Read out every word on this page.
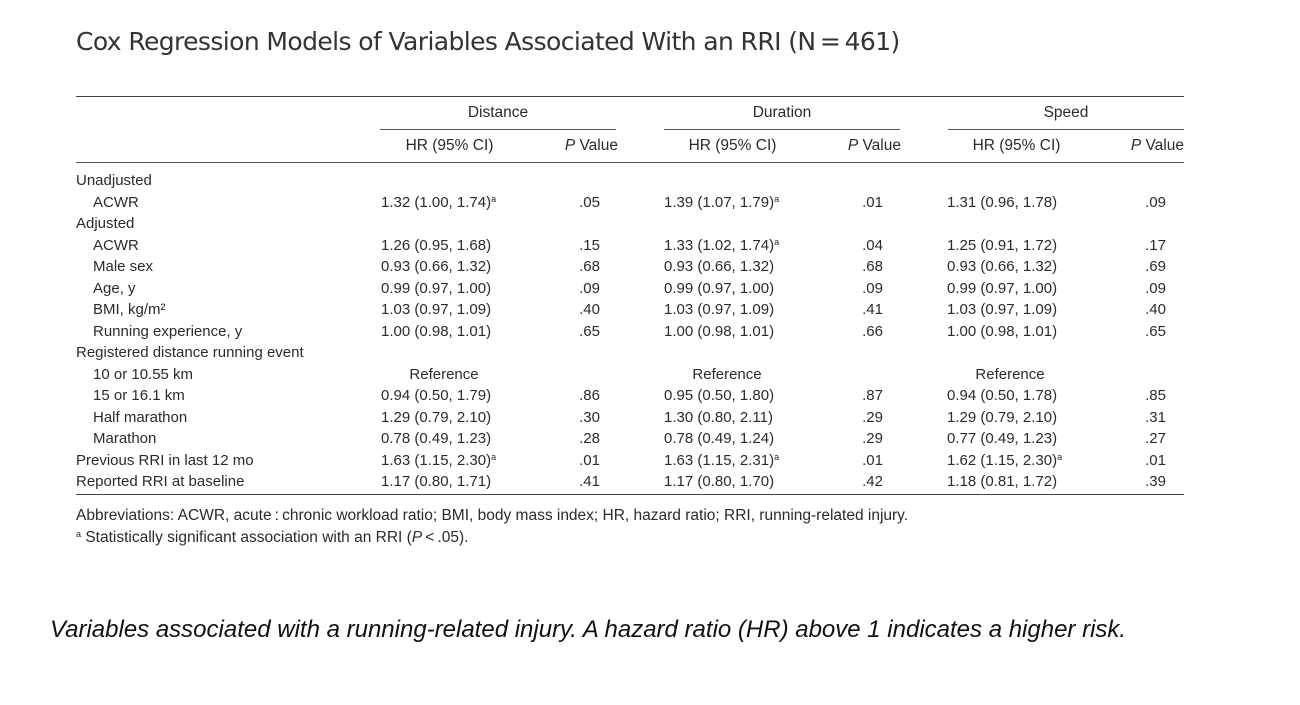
Cox Regression Models of Variables Associated With an RRI (N = 461)
Distance	Duration	Speed
HR (95% CI)	P Value	HR (95% CI)	P Value	HR (95% CI)	P Value
Unadjusted
ACWR	1.32 (1.00, 1.74)$^a$	.05	1.39 (1.07, 1.79)$^a$	.01	1.31 (0.96, 1.78)	.09
Adjusted
ACWR	1.26 (0.95, 1.68)	.15	1.33 (1.02, 1.74)$^a$	.04	1.25 (0.91, 1.72)	.17
Male sex	0.93 (0.66, 1.32)	.68	0.93 (0.66, 1.32)	.68	0.93 (0.66, 1.32)	.69
Age, y	0.99 (0.97, 1.00)	.09	0.99 (0.97, 1.00)	.09	0.99 (0.97, 1.00)	.09
BMI, kg/m²	1.03 (0.97, 1.09)	.40	1.03 (0.97, 1.09)	.41	1.03 (0.97, 1.09)	.40
Running experience, y	1.00 (0.98, 1.01)	.65	1.00 (0.98, 1.01)	.66	1.00 (0.98, 1.01)	.65
Registered distance running event
10 or 10.55 km	Reference	Reference	Reference
15 or 16.1 km	0.94 (0.50, 1.79)	.86	0.95 (0.50, 1.80)	.87	0.94 (0.50, 1.78)	.85
Half marathon	1.29 (0.79, 2.10)	.30	1.30 (0.80, 2.11)	.29	1.29 (0.79, 2.10)	.31
Marathon	0.78 (0.49, 1.23)	.28	0.78 (0.49, 1.24)	.29	0.77 (0.49, 1.23)	.27
Previous RRI in last 12 mo	1.63 (1.15, 2.30)$^a$	.01	1.63 (1.15, 2.31)$^a$	.01	1.62 (1.15, 2.30)$^a$	.01
Reported RRI at baseline	1.17 (0.80, 1.71)	.41	1.17 (0.80, 1.70)	.42	1.18 (0.81, 1.72)	.39
Abbreviations: ACWR, acute : chronic workload ratio; BMI, body mass index; HR, hazard ratio; RRI, running-related injury.
$^a$ Statistically significant association with an RRI (P < .05).
Variables associated with a running-related injury. A hazard ratio (HR) above 1 indicates a higher risk.
